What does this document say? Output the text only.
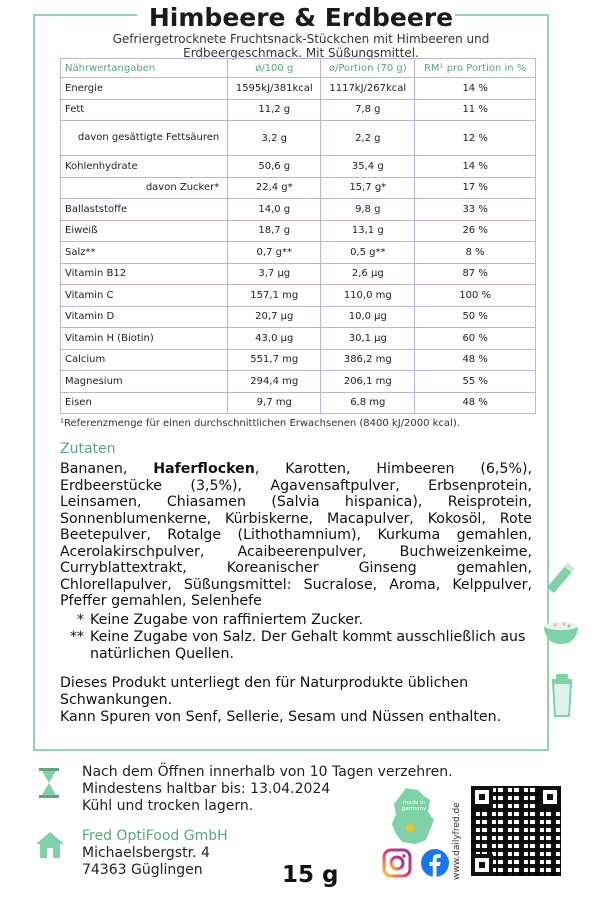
Himbeere & Erdbeere
Gefriergetrocknete Fruchtsnack-Stückchen mit Himbeeren und Erdbeergeschmack. Mit Süßungsmittel.
Nährwertangaben	ø/100 g	ø/Portion (70 g)	RM¹ pro Portion in %
Energie	1595kJ/381kcal	1117kJ/267kcal	14 %
Fett	11,2 g	7,8 g	11 %
davon gesättigte Fettsäuren	3,2 g	2,2 g	12 %
Kohlenhydrate	50,6 g	35,4 g	14 %
davon Zucker*	22,4 g*	15,7 g*	17 %
Ballaststoffe	14,0 g	9,8 g	33 %
Eiweiß	18,7 g	13,1 g	26 %
Salz**	0,7 g**	0,5 g**	8 %
Vitamin B12	3,7 µg	2,6 µg	87 %
Vitamin C	157,1 mg	110,0 mg	100 %
Vitamin D	20,7 µg	10,0 µg	50 %
Vitamin H (Biotin)	43,0 µg	30,1 µg	60 %
Calcium	551,7 mg	386,2 mg	48 %
Magnesium	294,4 mg	206,1 mg	55 %
Eisen	9,7 mg	6,8 mg	48 %
¹Referenzmenge für einen durchschnittlichen Erwachsenen (8400 kJ/2000 kcal).
Zutaten
Bananen, Haferflocken, Karotten, Himbeeren (6,5%), Erdbeerstücke (3,5%), Agavensaftpulver, Erbsenprotein, Leinsamen, Chiasamen (Salvia hispanica), Reisprotein, Sonnenblumenkerne, Kürbiskerne, Macapulver, Kokosöl, Rote Beetepulver, Rotalge (Lithothamnium), Kurkuma gemahlen, Acerolakirschpulver, Acaibeerenpulver, Buchweizenkeime, Curryblattextrakt, Koreanischer Ginseng gemahlen, Chlorellapulver, Süßungsmittel: Sucralose, Aroma, Kelppulver, Pfeffer gemahlen, Selenhefe
* Keine Zugabe von raffiniertem Zucker.
** Keine Zugabe von Salz. Der Gehalt kommt ausschließlich aus natürlichen Quellen.
Dieses Produkt unterliegt den für Naturprodukte üblichen Schwankungen.
Kann Spuren von Senf, Sellerie, Sesam und Nüssen enthalten.
Nach dem Öffnen innerhalb von 10 Tagen verzehren.
Mindestens haltbar bis: 13.04.2024
Kühl und trocken lagern.
Fred OptiFood GmbH
Michaelsbergstr. 4
74363 Güglingen	15 g
made in germany	www.dailyfred.de
